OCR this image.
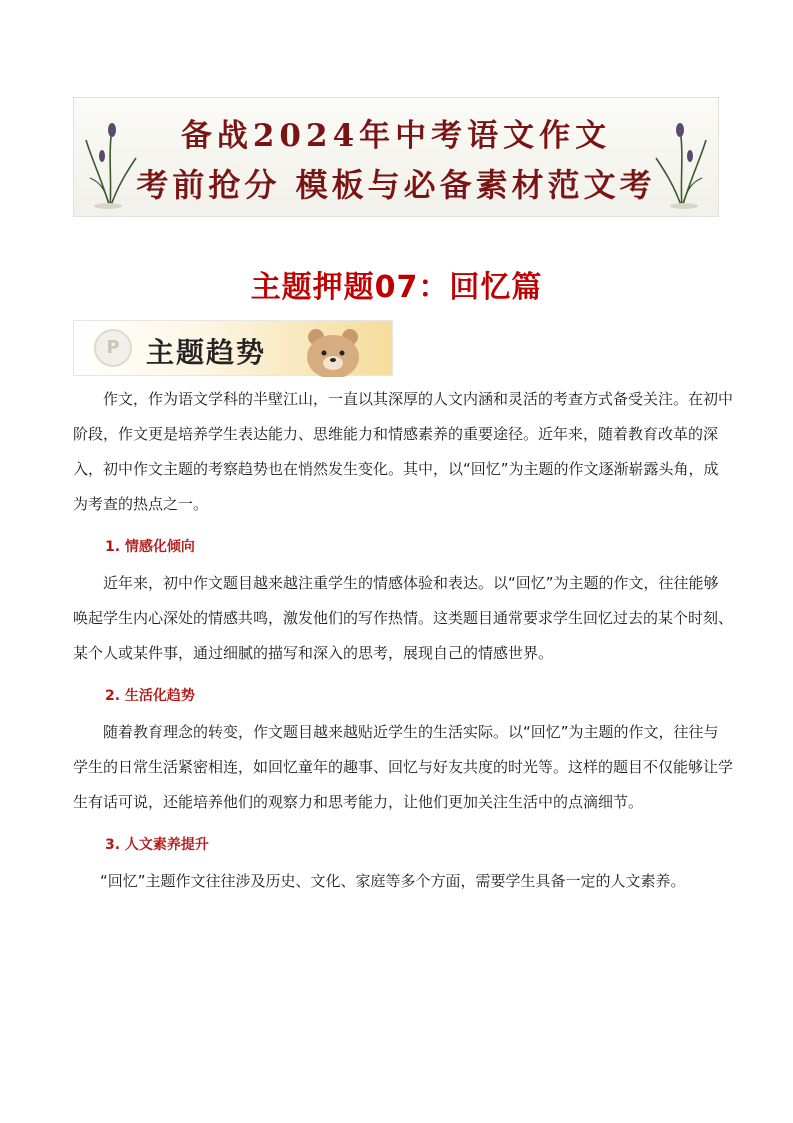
备战2024年中考语文作文
考前抢分 模板与必备素材范文考
主题押题07：回忆篇
P 主题趋势

作文，作为语文学科的半壁江山，一直以其深厚的人文内涵和灵活的考查方式备受关注。在初中阶段，作文更是培养学生表达能力、思维能力和情感素养的重要途径。近年来，随着教育改革的深入，初中作文主题的考察趋势也在悄然发生变化。其中，以“回忆”为主题的作文逐渐崭露头角，成为考查的热点之一。

1. 情感化倾向

近年来，初中作文题目越来越注重学生的情感体验和表达。以“回忆”为主题的作文，往往能够唤起学生内心深处的情感共鸣，激发他们的写作热情。这类题目通常要求学生回忆过去的某个时刻、某个人或某件事，通过细腻的描写和深入的思考，展现自己的情感世界。

2. 生活化趋势

随着教育理念的转变，作文题目越来越贴近学生的生活实际。以“回忆”为主题的作文，往往与学生的日常生活紧密相连，如回忆童年的趣事、回忆与好友共度的时光等。这样的题目不仅能够让学生有话可说，还能培养他们的观察力和思考能力，让他们更加关注生活中的点滴细节。

3. 人文素养提升

“回忆”主题作文往往涉及历史、文化、家庭等多个方面，需要学生具备一定的人文素养。
